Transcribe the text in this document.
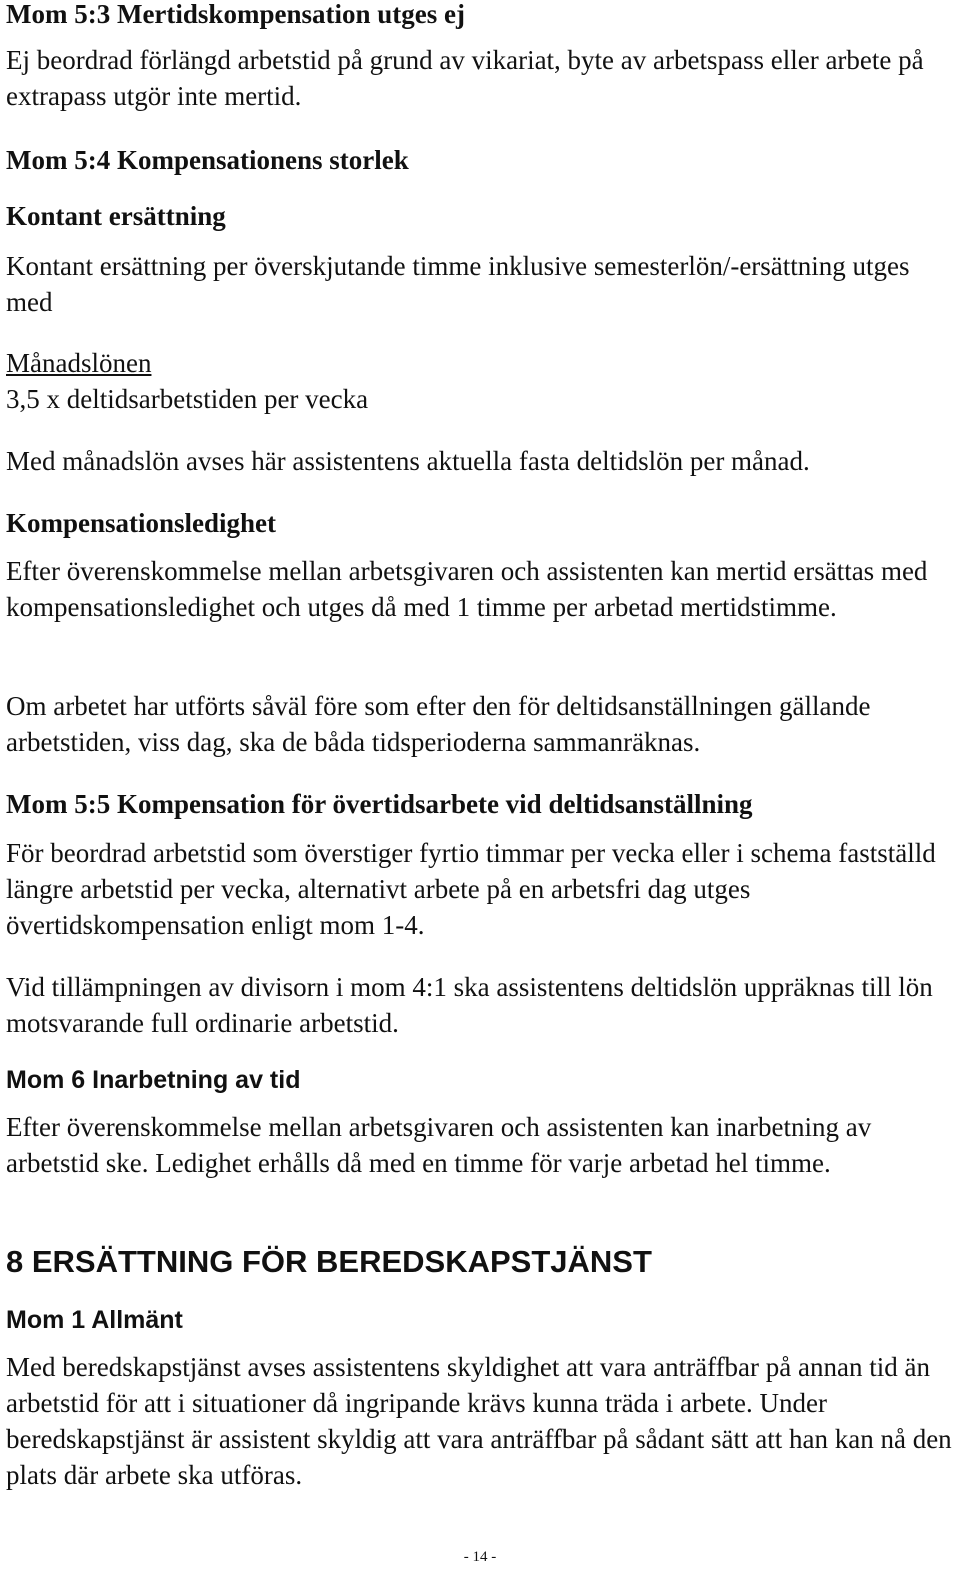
Mom 5:3 Mertidskompensation utges ej

Ej beordrad förlängd arbetstid på grund av vikariat, byte av arbetspass eller arbete på extrapass utgör inte mertid.

Mom 5:4 Kompensationens storlek
Kontant ersättning

Kontant ersättning per överskjutande timme inklusive semesterlön/-ersättning utges med

Månadslönen

3,5 x deltidsarbetstiden per vecka

Med månadslön avses här assistentens aktuella fasta deltidslön per månad.

Kompensationsledighet

Efter överenskommelse mellan arbetsgivaren och assistenten kan mertid ersättas med kompensationsledighet och utges då med 1 timme per arbetad mertidstimme.

Om arbetet har utförts såväl före som efter den för deltidsanställningen gällande arbetstiden, viss dag, ska de båda tidsperioderna sammanräknas.

Mom 5:5 Kompensation för övertidsarbete vid deltidsanställning

För beordrad arbetstid som överstiger fyrtio timmar per vecka eller i schema fastställd längre arbetstid per vecka, alternativt arbete på en arbetsfri dag utges övertidskompensation enligt mom 1-4.

Vid tillämpningen av divisorn i mom 4:1 ska assistentens deltidslön uppräknas till lön motsvarande full ordinarie arbetstid.

Mom 6 Inarbetning av tid

Efter överenskommelse mellan arbetsgivaren och assistenten kan inarbetning av arbetstid ske. Ledighet erhålls då med en timme för varje arbetad hel timme.

8 ERSÄTTNING FÖR BEREDSKAPSTJÄNST
Mom 1 Allmänt

Med beredskapstjänst avses assistentens skyldighet att vara anträffbar på annan tid än arbetstid för att i situationer då ingripande krävs kunna träda i arbete. Under beredskapstjänst är assistent skyldig att vara anträffbar på sådant sätt att han kan nå den plats där arbete ska utföras.

- 14 -
